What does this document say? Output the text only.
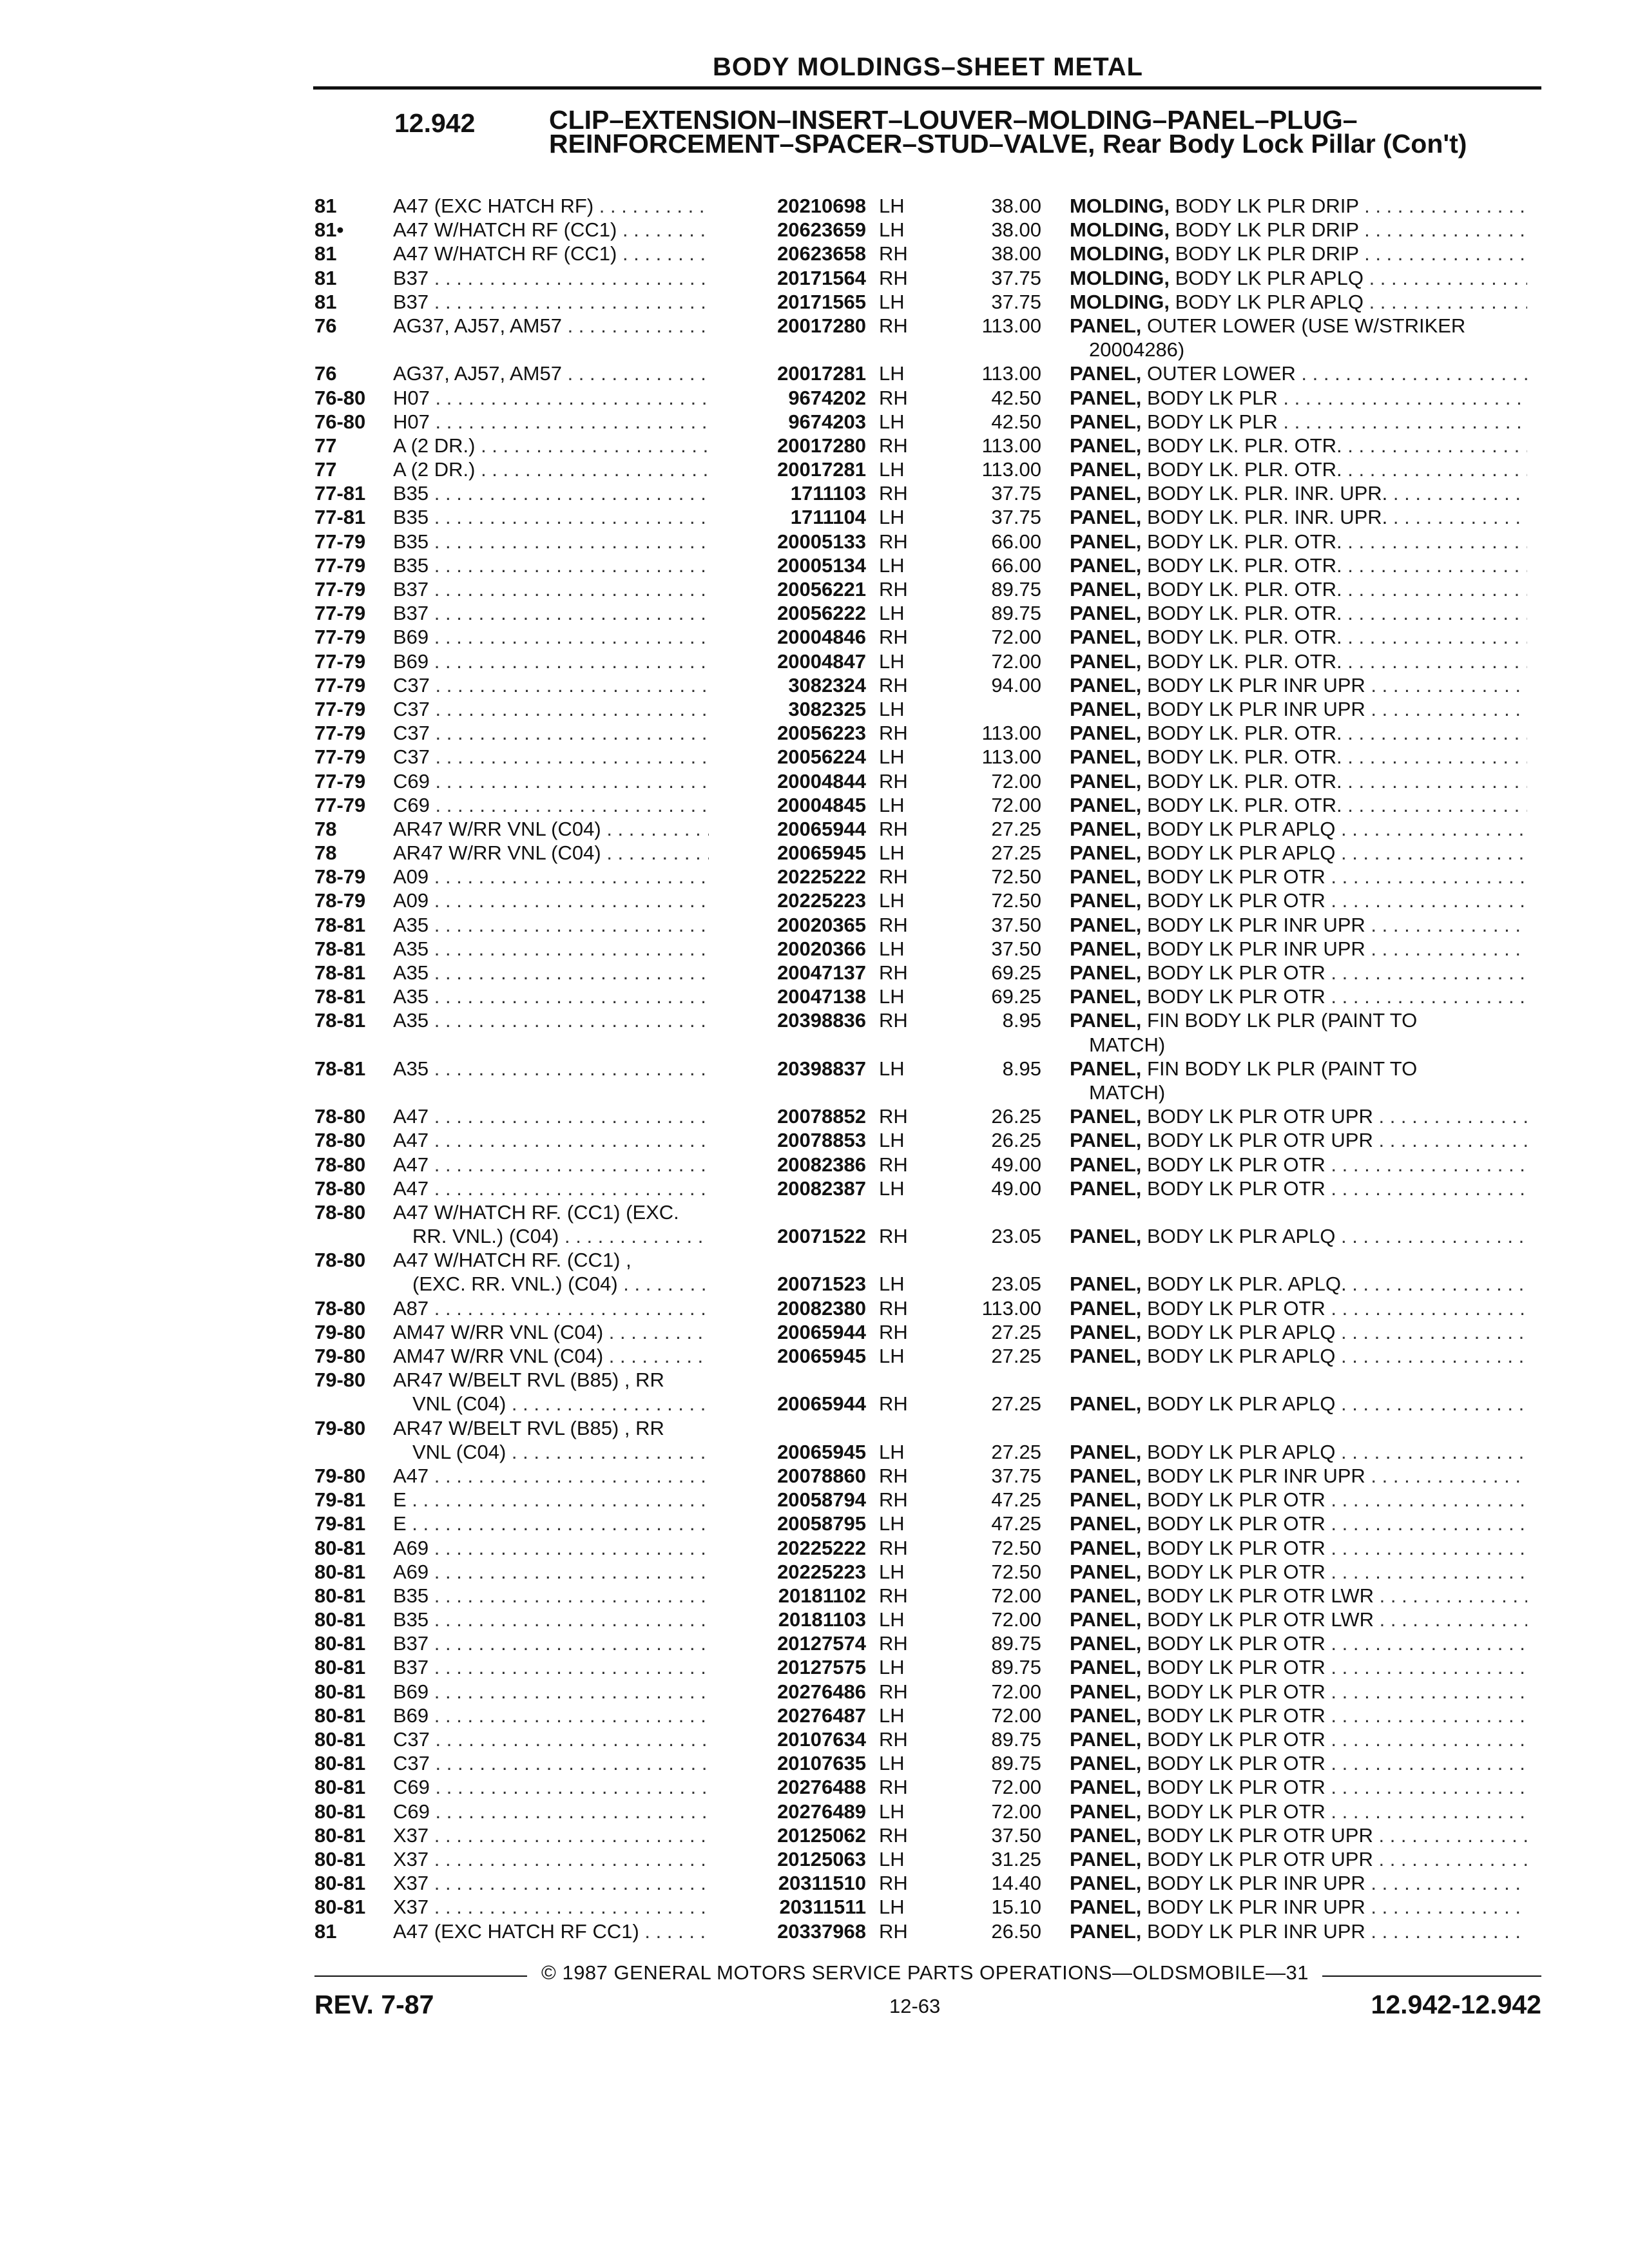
BODY MOLDINGS–SHEET METAL
12.942	CLIP–EXTENSION–INSERT–LOUVER–MOLDING–PANEL–PLUG–REINFORCEMENT–SPACER–STUD–VALVE, Rear Body Lock Pillar (Con't)
81	A47 (EXC HATCH RF) . . .	20210698 LH	38.00 MOLDING, BODY LK PLR DRIP . . .
81•	A47 W/HATCH RF (CC1) . . .	20623659 LH	38.00 MOLDING, BODY LK PLR DRIP . . .
81	A47 W/HATCH RF (CC1) . . .	20623658 RH	38.00 MOLDING, BODY LK PLR DRIP . . .
81	B37 . . .	20171564 RH	37.75 MOLDING, BODY LK PLR APLQ . . .
81	B37 . . .	20171565 LH	37.75 MOLDING, BODY LK PLR APLQ . . .
76	AG37, AJ57, AM57 . . .	20017280 RH	113.00 PANEL, OUTER LOWER (USE W/STRIKER
20004286)
76	AG37, AJ57, AM57 . . .	20017281 LH	113.00 PANEL, OUTER LOWER . . .
76-80	H07 . . .	9674202 RH	42.50 PANEL, BODY LK PLR . . .
76-80	H07 . . .	9674203 LH	42.50 PANEL, BODY LK PLR . . .
77	A (2 DR.) . . .	20017280 RH	113.00 PANEL, BODY LK. PLR. OTR. . . .
77	A (2 DR.) . . .	20017281 LH	113.00 PANEL, BODY LK. PLR. OTR. . . .
77-81	B35 . . .	1711103 RH	37.75 PANEL, BODY LK. PLR. INR. UPR. . . .
77-81	B35 . . .	1711104 LH	37.75 PANEL, BODY LK. PLR. INR. UPR. . . .
77-79	B35 . . .	20005133 RH	66.00 PANEL, BODY LK. PLR. OTR. . . .
77-79	B35 . . .	20005134 LH	66.00 PANEL, BODY LK. PLR. OTR. . . .
77-79	B37 . . .	20056221 RH	89.75 PANEL, BODY LK. PLR. OTR. . . .
77-79	B37 . . .	20056222 LH	89.75 PANEL, BODY LK. PLR. OTR. . . .
77-79	B69 . . .	20004846 RH	72.00 PANEL, BODY LK. PLR. OTR. . . .
77-79	B69 . . .	20004847 LH	72.00 PANEL, BODY LK. PLR. OTR. . . .
77-79	C37 . . .	3082324 RH	94.00 PANEL, BODY LK PLR INR UPR . . .
77-79	C37 . . .	3082325 LH	PANEL, BODY LK PLR INR UPR . . .
77-79	C37 . . .	20056223 RH	113.00 PANEL, BODY LK. PLR. OTR. . . .
77-79	C37 . . .	20056224 LH	113.00 PANEL, BODY LK. PLR. OTR. . . .
77-79	C69 . . .	20004844 RH	72.00 PANEL, BODY LK. PLR. OTR. . . .
77-79	C69 . . .	20004845 LH	72.00 PANEL, BODY LK. PLR. OTR. . . .
78	AR47 W/RR VNL (C04) . . .	20065944 RH	27.25 PANEL, BODY LK PLR APLQ . . .
78	AR47 W/RR VNL (C04) . . .	20065945 LH	27.25 PANEL, BODY LK PLR APLQ . . .
78-79	A09 . . .	20225222 RH	72.50 PANEL, BODY LK PLR OTR . . .
78-79	A09 . . .	20225223 LH	72.50 PANEL, BODY LK PLR OTR . . .
78-81	A35 . . .	20020365 RH	37.50 PANEL, BODY LK PLR INR UPR . . .
78-81	A35 . . .	20020366 LH	37.50 PANEL, BODY LK PLR INR UPR . . .
78-81	A35 . . .	20047137 RH	69.25 PANEL, BODY LK PLR OTR . . .
78-81	A35 . . .	20047138 LH	69.25 PANEL, BODY LK PLR OTR . . .
78-81	A35 . . .	20398836 RH	8.95 PANEL, FIN BODY LK PLR (PAINT TO
MATCH)
78-81	A35 . . .	20398837 LH	8.95 PANEL, FIN BODY LK PLR (PAINT TO
MATCH)
78-80	A47 . . .	20078852 RH	26.25 PANEL, BODY LK PLR OTR UPR . . .
78-80	A47 . . .	20078853 LH	26.25 PANEL, BODY LK PLR OTR UPR . . .
78-80	A47 . . .	20082386 RH	49.00 PANEL, BODY LK PLR OTR . . .
78-80	A47 . . .	20082387 LH	49.00 PANEL, BODY LK PLR OTR . . .
78-80	A47 W/HATCH RF. (CC1) (EXC.
RR. VNL.) (C04) . . .	20071522 RH	23.05 PANEL, BODY LK PLR APLQ . . .
78-80	A47 W/HATCH RF. (CC1) ,
(EXC. RR. VNL.) (C04) . . .	20071523 LH	23.05 PANEL, BODY LK PLR. APLQ. . . .
78-80	A87 . . .	20082380 RH	113.00 PANEL, BODY LK PLR OTR . . .
79-80	AM47 W/RR VNL (C04) . . .	20065944 RH	27.25 PANEL, BODY LK PLR APLQ . . .
79-80	AM47 W/RR VNL (C04) . . .	20065945 LH	27.25 PANEL, BODY LK PLR APLQ . . .
79-80	AR47 W/BELT RVL (B85) , RR
VNL (C04) . . .	20065944 RH	27.25 PANEL, BODY LK PLR APLQ . . .
79-80	AR47 W/BELT RVL (B85) , RR
VNL (C04) . . .	20065945 LH	27.25 PANEL, BODY LK PLR APLQ . . .
79-80	A47 . . .	20078860 RH	37.75 PANEL, BODY LK PLR INR UPR . . .
79-81	E . . .	20058794 RH	47.25 PANEL, BODY LK PLR OTR . . .
79-81	E . . .	20058795 LH	47.25 PANEL, BODY LK PLR OTR . . .
80-81	A69 . . .	20225222 RH	72.50 PANEL, BODY LK PLR OTR . . .
80-81	A69 . . .	20225223 LH	72.50 PANEL, BODY LK PLR OTR . . .
80-81	B35 . . .	20181102 RH	72.00 PANEL, BODY LK PLR OTR LWR . . .
80-81	B35 . . .	20181103 LH	72.00 PANEL, BODY LK PLR OTR LWR . . .
80-81	B37 . . .	20127574 RH	89.75 PANEL, BODY LK PLR OTR . . .
80-81	B37 . . .	20127575 LH	89.75 PANEL, BODY LK PLR OTR . . .
80-81	B69 . . .	20276486 RH	72.00 PANEL, BODY LK PLR OTR . . .
80-81	B69 . . .	20276487 LH	72.00 PANEL, BODY LK PLR OTR . . .
80-81	C37 . . .	20107634 RH	89.75 PANEL, BODY LK PLR OTR . . .
80-81	C37 . . .	20107635 LH	89.75 PANEL, BODY LK PLR OTR . . .
80-81	C69 . . .	20276488 RH	72.00 PANEL, BODY LK PLR OTR . . .
80-81	C69 . . .	20276489 LH	72.00 PANEL, BODY LK PLR OTR . . .
80-81	X37 . . .	20125062 RH	37.50 PANEL, BODY LK PLR OTR UPR . . .
80-81	X37 . . .	20125063 LH	31.25 PANEL, BODY LK PLR OTR UPR . . .
80-81	X37 . . .	20311510 RH	14.40 PANEL, BODY LK PLR INR UPR . . .
80-81	X37 . . .	20311511 LH	15.10 PANEL, BODY LK PLR INR UPR . . .
81	A47 (EXC HATCH RF CC1) . . .	20337968 RH	26.50 PANEL, BODY LK PLR INR UPR . . .
© 1987 GENERAL MOTORS SERVICE PARTS OPERATIONS—OLDSMOBILE—31
REV. 7-87	12-63	12.942-12.942
